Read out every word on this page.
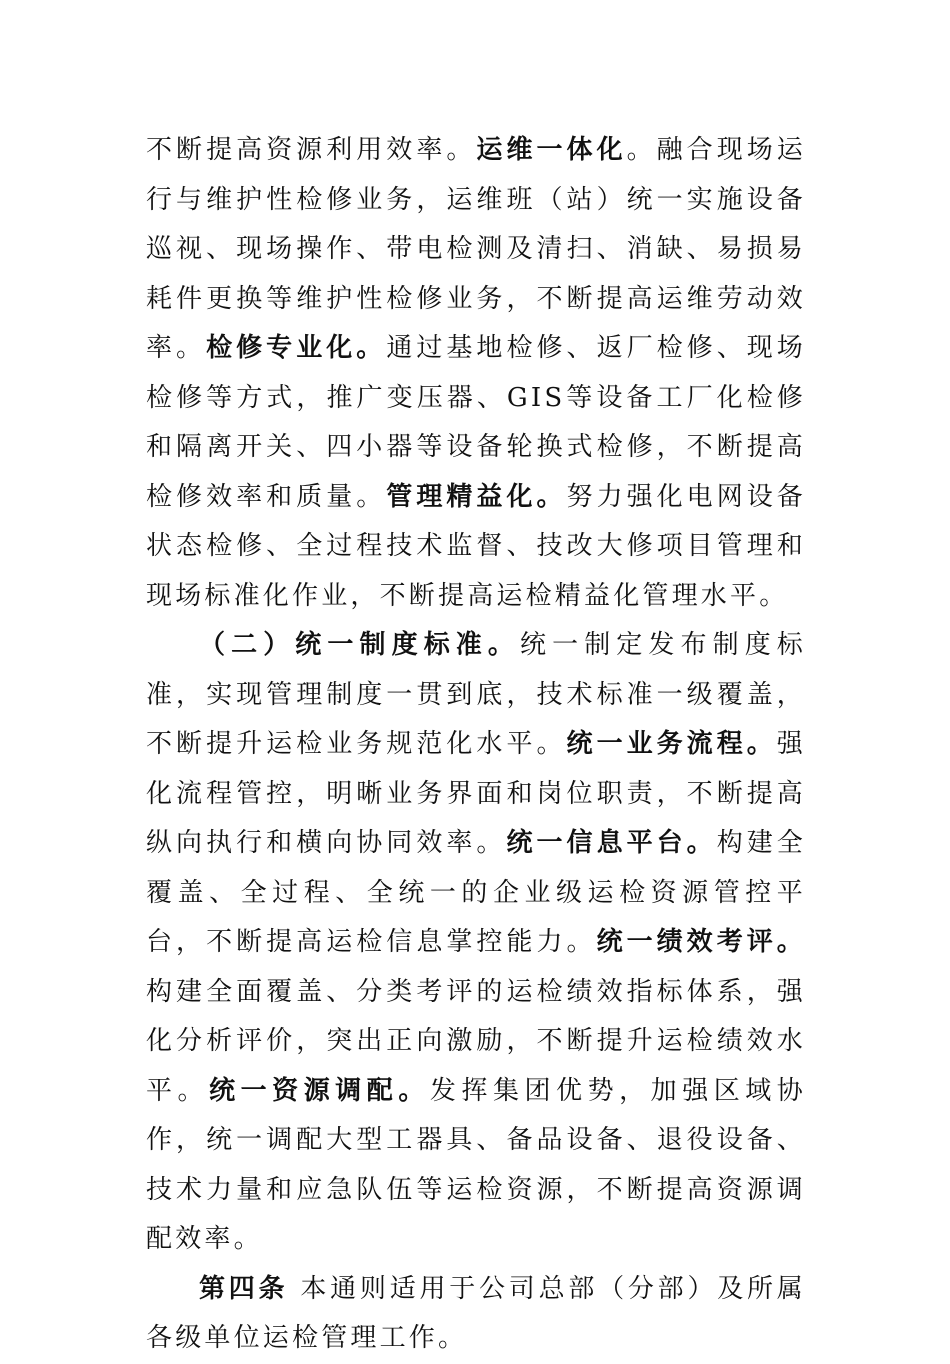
不断提高资源利用效率。运维一体化。融合现场运行与维护性检修业务，运维班（站）统一实施设备巡视、现场操作、带电检测及清扫、消缺、易损易耗件更换等维护性检修业务，不断提高运维劳动效率。检修专业化。通过基地检修、返厂检修、现场检修等方式，推广变压器、GIS等设备工厂化检修和隔离开关、四小器等设备轮换式检修，不断提高检修效率和质量。管理精益化。努力强化电网设备状态检修、全过程技术监督、技改大修项目管理和现场标准化作业，不断提高运检精益化管理水平。

（二）统一制度标准。统一制定发布制度标准，实现管理制度一贯到底，技术标准一级覆盖，不断提升运检业务规范化水平。统一业务流程。强化流程管控，明晰业务界面和岗位职责，不断提高纵向执行和横向协同效率。统一信息平台。构建全覆盖、全过程、全统一的企业级运检资源管控平台，不断提高运检信息掌控能力。统一绩效考评。构建全面覆盖、分类考评的运检绩效指标体系，强化分析评价，突出正向激励，不断提升运检绩效水平。统一资源调配。发挥集团优势，加强区域协作，统一调配大型工器具、备品设备、退役设备、技术力量和应急队伍等运检资源，不断提高资源调配效率。

第四条 本通则适用于公司总部（分部）及所属各级单位运检管理工作。
